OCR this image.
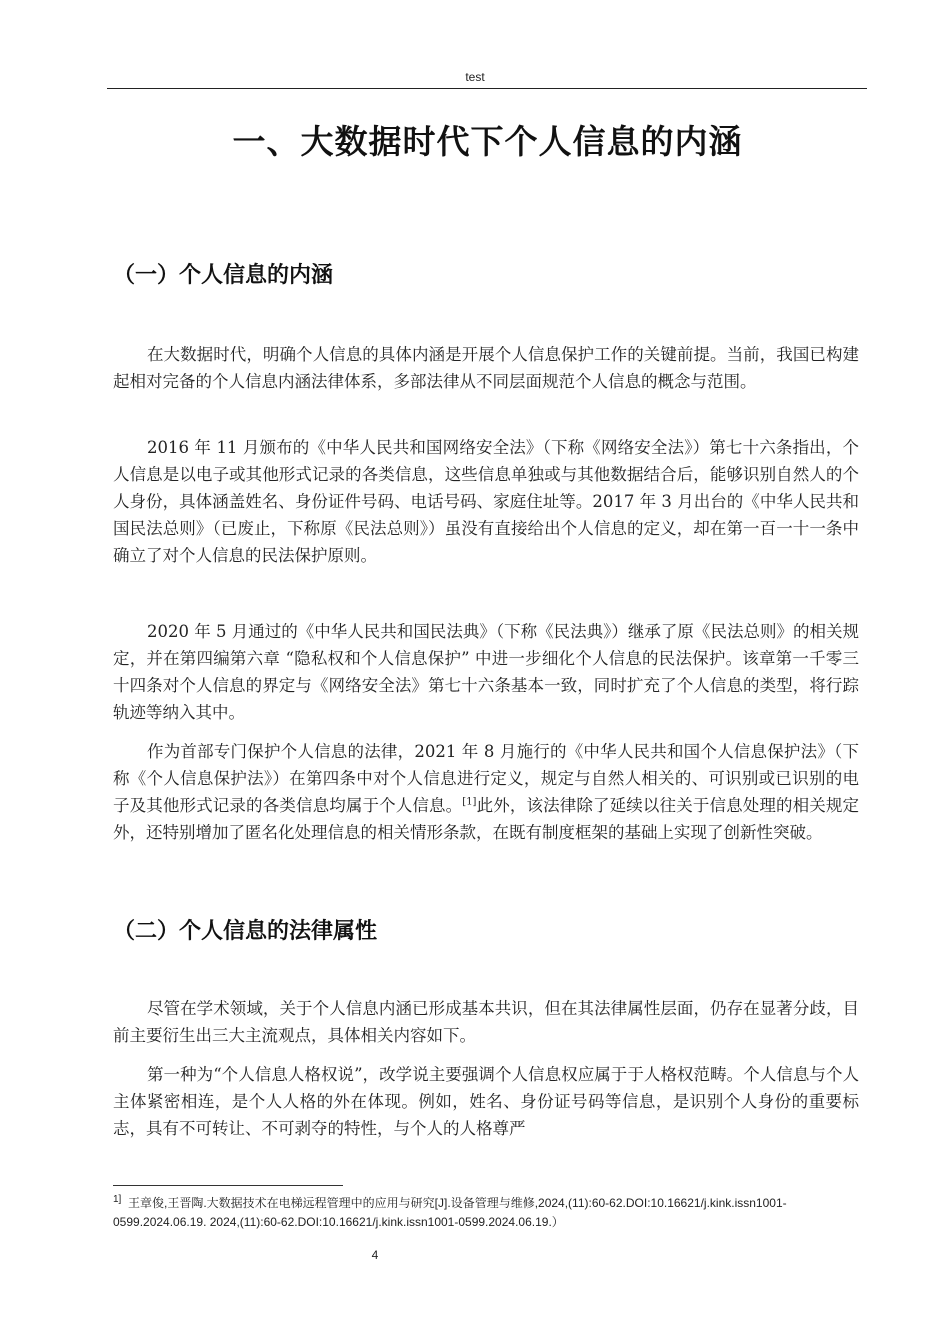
test
一、大数据时代下个人信息的内涵
（一）个人信息的内涵

在大数据时代，明确个人信息的具体内涵是开展个人信息保护工作的关键前提。当前，我国已构建起相对完备的个人信息内涵法律体系，多部法律从不同层面规范个人信息的概念与范围。

2016 年 11 月颁布的《中华人民共和国网络安全法》（下称《网络安全法》）第七十六条指出，个人信息是以电子或其他形式记录的各类信息，这些信息单独或与其他数据结合后，能够识别自然人的个人身份，具体涵盖姓名、身份证件号码、电话号码、家庭住址等。2017 年 3 月出台的《中华人民共和国民法总则》（已废止，下称原《民法总则》）虽没有直接给出个人信息的定义，却在第一百一十一条中确立了对个人信息的民法保护原则。

2020 年 5 月通过的《中华人民共和国民法典》（下称《民法典》）继承了原《民法总则》的相关规定，并在第四编第六章 “隐私权和个人信息保护” 中进一步细化个人信息的民法保护。该章第一千零三十四条对个人信息的界定与《网络安全法》第七十六条基本一致，同时扩充了个人信息的类型，将行踪轨迹等纳入其中。

作为首部专门保护个人信息的法律，2021 年 8 月施行的《中华人民共和国个人信息保护法》（下称《个人信息保护法》）在第四条中对个人信息进行定义，规定与自然人相关的、可识别或已识别的电子及其他形式记录的各类信息均属于个人信息。[1]此外，该法律除了延续以往关于信息处理的相关规定外，还特别增加了匿名化处理信息的相关情形条款，在既有制度框架的基础上实现了创新性突破。

（二）个人信息的法律属性

尽管在学术领域，关于个人信息内涵已形成基本共识，但在其法律属性层面，仍存在显著分歧，目前主要衍生出三大主流观点，具体相关内容如下。

第一种为“个人信息人格权说”，改学说主要强调个人信息权应属于于人格权范畴。个人信息与个人主体紧密相连，是个人人格的外在体现。例如，姓名、身份证号码等信息，是识别个人身份的重要标志，具有不可转让、不可剥夺的特性，与个人的人格尊严

$^{1]}$ 王章俊,王晋陶.大数据技术在电梯远程管理中的应用与研究[J].设备管理与维修,2024,(11):60-62.DOI:10.16621/j.kink.issn1001-0599.2024.06.19. 2024,(11):60-62.DOI:10.16621/j.kink.issn1001-0599.2024.06.19.）

4
